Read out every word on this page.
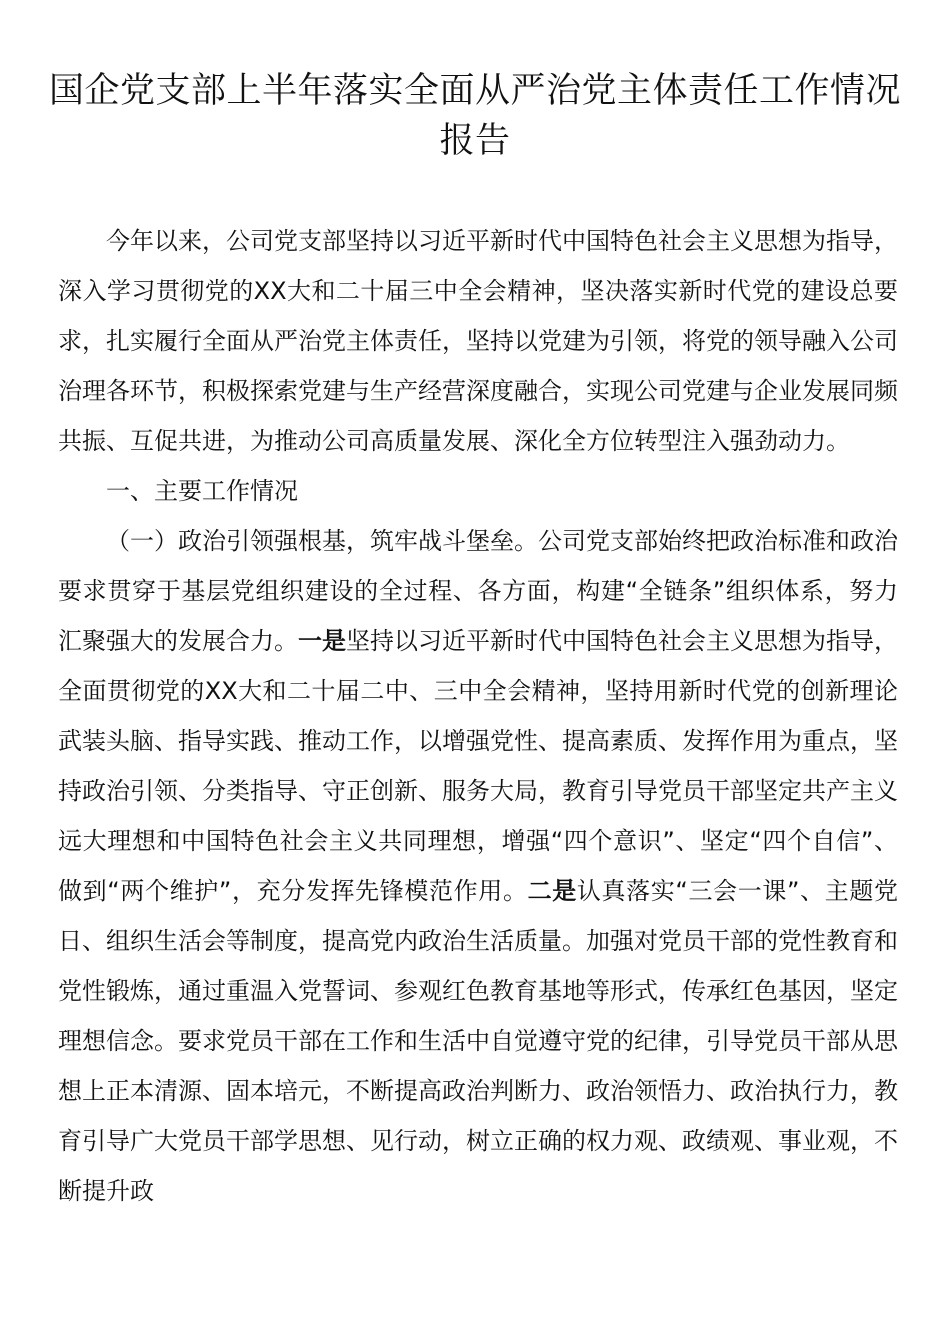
国企党支部上半年落实全面从严治党主体责任工作情况报告

今年以来，公司党支部坚持以习近平新时代中国特色社会主义思想为指导，深入学习贯彻党的XX大和二十届三中全会精神，坚决落实新时代党的建设总要求，扎实履行全面从严治党主体责任，坚持以党建为引领，将党的领导融入公司治理各环节，积极探索党建与生产经营深度融合，实现公司党建与企业发展同频共振、互促共进，为推动公司高质量发展、深化全方位转型注入强劲动力。

一、主要工作情况

（一）政治引领强根基，筑牢战斗堡垒。公司党支部始终把政治标准和政治要求贯穿于基层党组织建设的全过程、各方面，构建“全链条”组织体系，努力汇聚强大的发展合力。一是坚持以习近平新时代中国特色社会主义思想为指导，全面贯彻党的XX大和二十届二中、三中全会精神，坚持用新时代党的创新理论武装头脑、指导实践、推动工作，以增强党性、提高素质、发挥作用为重点，坚持政治引领、分类指导、守正创新、服务大局，教育引导党员干部坚定共产主义远大理想和中国特色社会主义共同理想，增强“四个意识”、坚定“四个自信”、做到“两个维护”，充分发挥先锋模范作用。二是认真落实“三会一课”、主题党日、组织生活会等制度，提高党内政治生活质量。加强对党员干部的党性教育和党性锻炼，通过重温入党誓词、参观红色教育基地等形式，传承红色基因，坚定理想信念。要求党员干部在工作和生活中自觉遵守党的纪律，引导党员干部从思想上正本清源、固本培元，不断提高政治判断力、政治领悟力、政治执行力，教育引导广大党员干部学思想、见行动，树立正确的权力观、政绩观、事业观，不断提升政
